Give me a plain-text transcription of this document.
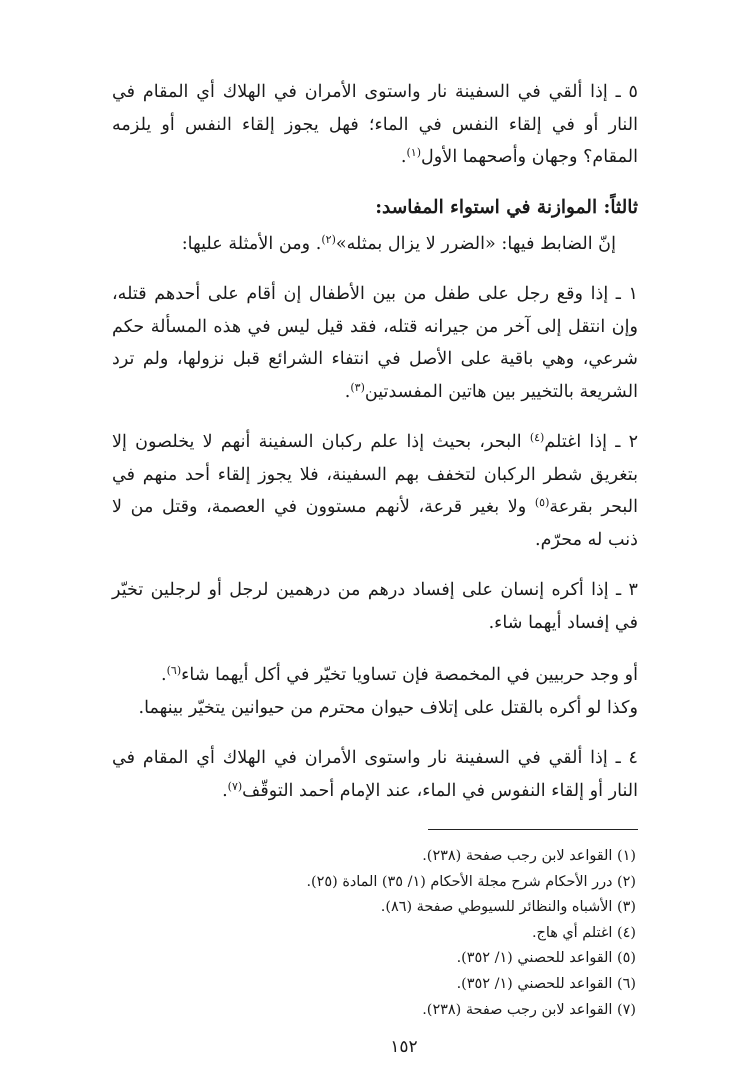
٥ ـ إذا ألقي في السفينة نار واستوى الأمران في الهلاك أي المقام في النار أو في إلقاء النفس في الماء؛ فهل يجوز إلقاء النفس أو يلزمه المقام؟ وجهان وأصحهما الأول$^{(١)}$.

ثالثاً: الموازنة في استواء المفاسد:

إنّ الضابط فيها: «الضرر لا يزال بمثله»$^{(٢)}$. ومن الأمثلة عليها:

١ ـ إذا وقع رجل على طفل من بين الأطفال إن أقام على أحدهم قتله، وإن انتقل إلى آخر من جيرانه قتله، فقد قيل ليس في هذه المسألة حكم شرعي، وهي باقية على الأصل في انتفاء الشرائع قبل نزولها، ولم ترد الشريعة بالتخيير بين هاتين المفسدتين$^{(٣)}$.

٢ ـ إذا اغتلم$^{(٤)}$ البحر، بحيث إذا علم ركبان السفينة أنهم لا يخلصون إلا بتغريق شطر الركبان لتخفف بهم السفينة، فلا يجوز إلقاء أحد منهم في البحر بقرعة$^{(٥)}$ ولا بغير قرعة، لأنهم مستوون في العصمة، وقتل من لا ذنب له محرّم.

٣ ـ إذا أكره إنسان على إفساد درهم من درهمين لرجل أو لرجلين تخيّر في إفساد أيهما شاء.

أو وجد حربيين في المخمصة فإن تساويا تخيّر في أكل أيهما شاء$^{(٦)}$.

وكذا لو أكره بالقتل على إتلاف حيوان محترم من حيوانين يتخيّر بينهما.

٤ ـ إذا ألقي في السفينة نار واستوى الأمران في الهلاك أي المقام في النار أو إلقاء النفوس في الماء، عند الإمام أحمد التوقّف$^{(٧)}$.

(١) القواعد لابن رجب صفحة (٢٣٨).

(٢) درر الأحكام شرح مجلة الأحكام (١/ ٣٥) المادة (٢٥).

(٣) الأشباه والنظائر للسيوطي صفحة (٨٦).

(٤) اغتلم أي هاج.

(٥) القواعد للحصني (١/ ٣٥٢).

(٦) القواعد للحصني (١/ ٣٥٢).

(٧) القواعد لابن رجب صفحة (٢٣٨).

١٥٢
